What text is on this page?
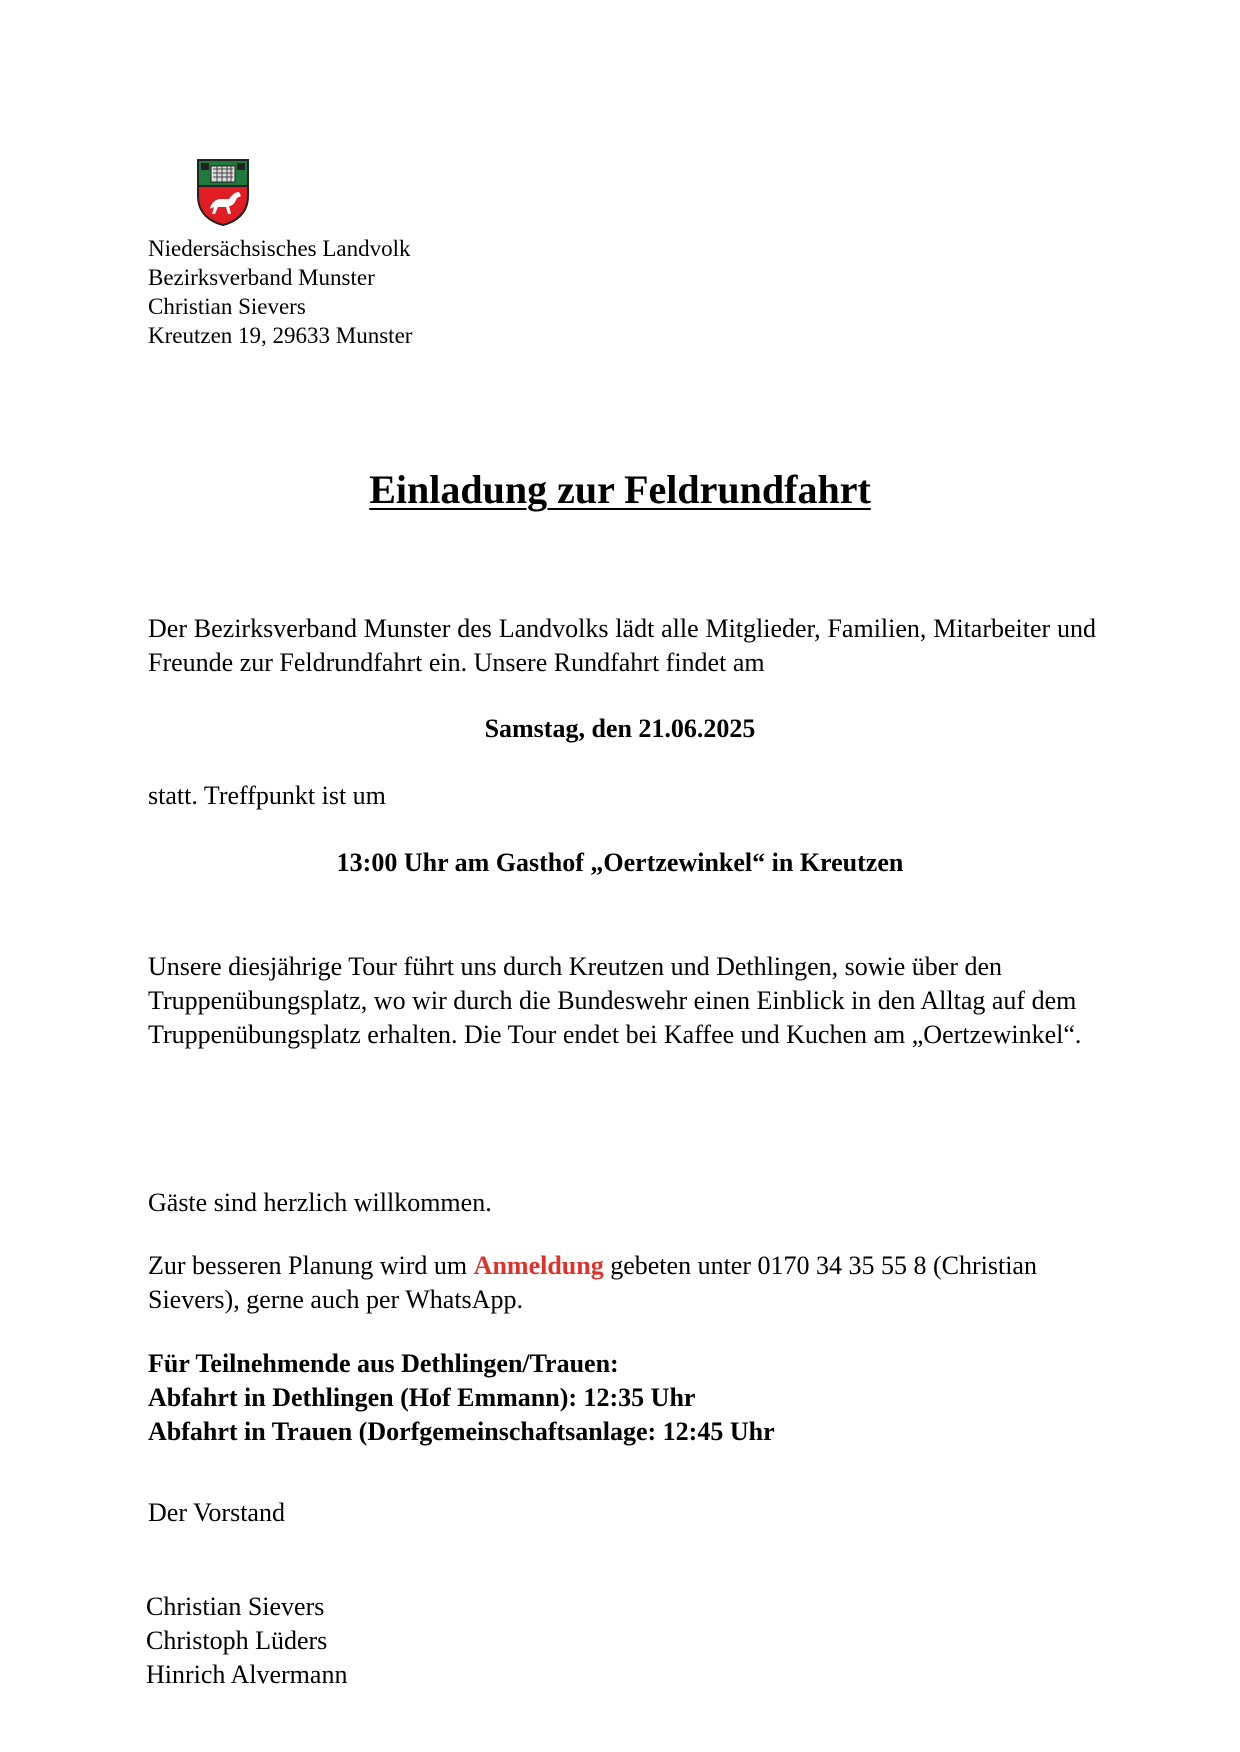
Niedersächsisches Landvolk
Bezirksverband Munster
Christian Sievers
Kreutzen 19, 29633 Munster
Einladung zur Feldrundfahrt
Der Bezirksverband Munster des Landvolks lädt alle Mitglieder, Familien, Mitarbeiter und Freunde zur Feldrundfahrt ein. Unsere Rundfahrt findet am
Samstag, den 21.06.2025
statt. Treffpunkt ist um
13:00 Uhr am Gasthof „Oertzewinkel“ in Kreutzen
Unsere diesjährige Tour führt uns durch Kreutzen und Dethlingen, sowie über den Truppenübungsplatz, wo wir durch die Bundeswehr einen Einblick in den Alltag auf dem Truppenübungsplatz erhalten. Die Tour endet bei Kaffee und Kuchen am „Oertzewinkel“.
Gäste sind herzlich willkommen.
Zur besseren Planung wird um Anmeldung gebeten unter 0170 34 35 55 8 (Christian Sievers), gerne auch per WhatsApp.
Für Teilnehmende aus Dethlingen/Trauen:
Abfahrt in Dethlingen (Hof Emmann): 12:35 Uhr
Abfahrt in Trauen (Dorfgemeinschaftsanlage: 12:45 Uhr
Der Vorstand
Christian Sievers
Christoph Lüders
Hinrich Alvermann
